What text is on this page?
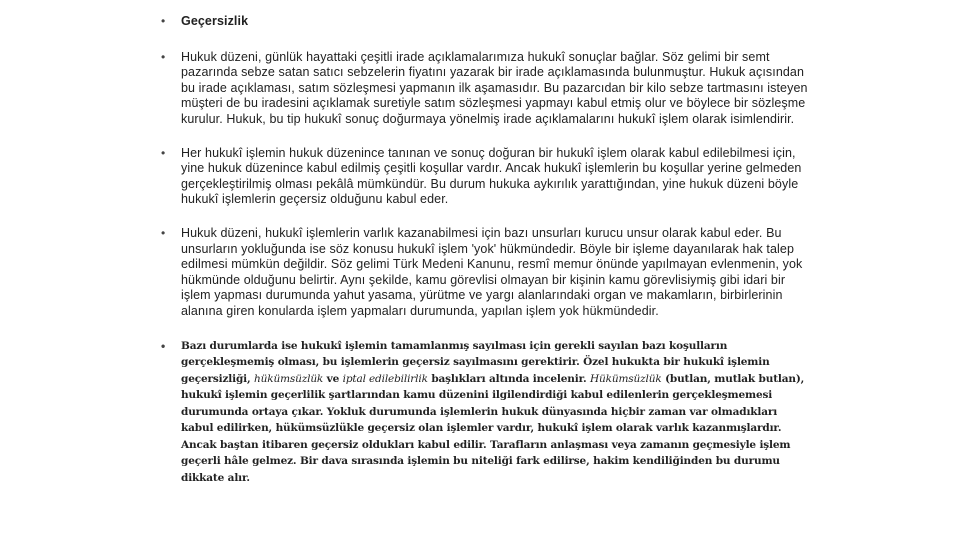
• Geçersizlik
• Hukuk düzeni, günlük hayattaki çeşitli irade açıklamalarımıza hukukî sonuçlar bağlar. Söz gelimi bir semt pazarında sebze satan satıcı sebzelerin fiyatını yazarak bir irade açıklamasında bulunmuştur. Hukuk açısından bu irade açıklaması, satım sözleşmesi yapmanın ilk aşamasıdır. Bu pazarcıdan bir kilo sebze tartmasını isteyen müşteri de bu iradesini açıklamak suretiyle satım sözleşmesi yapmayı kabul etmiş olur ve böylece bir sözleşme kurulur. Hukuk, bu tip hukukî sonuç doğurmaya yönelmiş irade açıklamalarını hukukî işlem olarak isimlendirir.
• Her hukukî işlemin hukuk düzenince tanınan ve sonuç doğuran bir hukukî işlem olarak kabul edilebilmesi için, yine hukuk düzenince kabul edilmiş çeşitli koşullar vardır. Ancak hukukî işlemlerin bu koşullar yerine gelmeden gerçekleştirilmiş olması pekâlâ mümkündür. Bu durum hukuka aykırılık yarattığından, yine hukuk düzeni böyle hukukî işlemlerin geçersiz olduğunu kabul eder.
• Hukuk düzeni, hukukî işlemlerin varlık kazanabilmesi için bazı unsurları kurucu unsur olarak kabul eder. Bu unsurların yokluğunda ise söz konusu hukukî işlem 'yok' hükmündedir. Böyle bir işleme dayanılarak hak talep edilmesi mümkün değildir. Söz gelimi Türk Medeni Kanunu, resmî memur önünde yapılmayan evlenmenin, yok hükmünde olduğunu belirtir. Aynı şekilde, kamu görevlisi olmayan bir kişinin kamu görevlisiymiş gibi idari bir işlem yapması durumunda yahut yasama, yürütme ve yargı alanlarındaki organ ve makamların, birbirlerinin alanına giren konularda işlem yapmaları durumunda, yapılan işlem yok hükmündedir.
• Bazı durumlarda ise hukukî işlemin tamamlanmış sayılması için gerekli sayılan bazı koşulların gerçekleşmemiş olması, bu işlemlerin geçersiz sayılmasını gerektirir. Özel hukukta bir hukukî işlemin geçersizliği, hükümsüzlük ve iptal edilebilirlik başlıkları altında incelenir. Hükümsüzlük (butlan, mutlak butlan), hukukî işlemin geçerlilik şartlarından kamu düzenini ilgilendirdiği kabul edilenlerin gerçekleşmemesi durumunda ortaya çıkar. Yokluk durumunda işlemlerin hukuk dünyasında hiçbir zaman var olmadıkları kabul edilirken, hükümsüzlükle geçersiz olan işlemler vardır, hukukî işlem olarak varlık kazanmışlardır. Ancak baştan itibaren geçersiz oldukları kabul edilir. Tarafların anlaşması veya zamanın geçmesiyle işlem geçerli hâle gelmez. Bir dava sırasında işlemin bu niteliği fark edilirse, hakim kendiliğinden bu durumu dikkate alır.
